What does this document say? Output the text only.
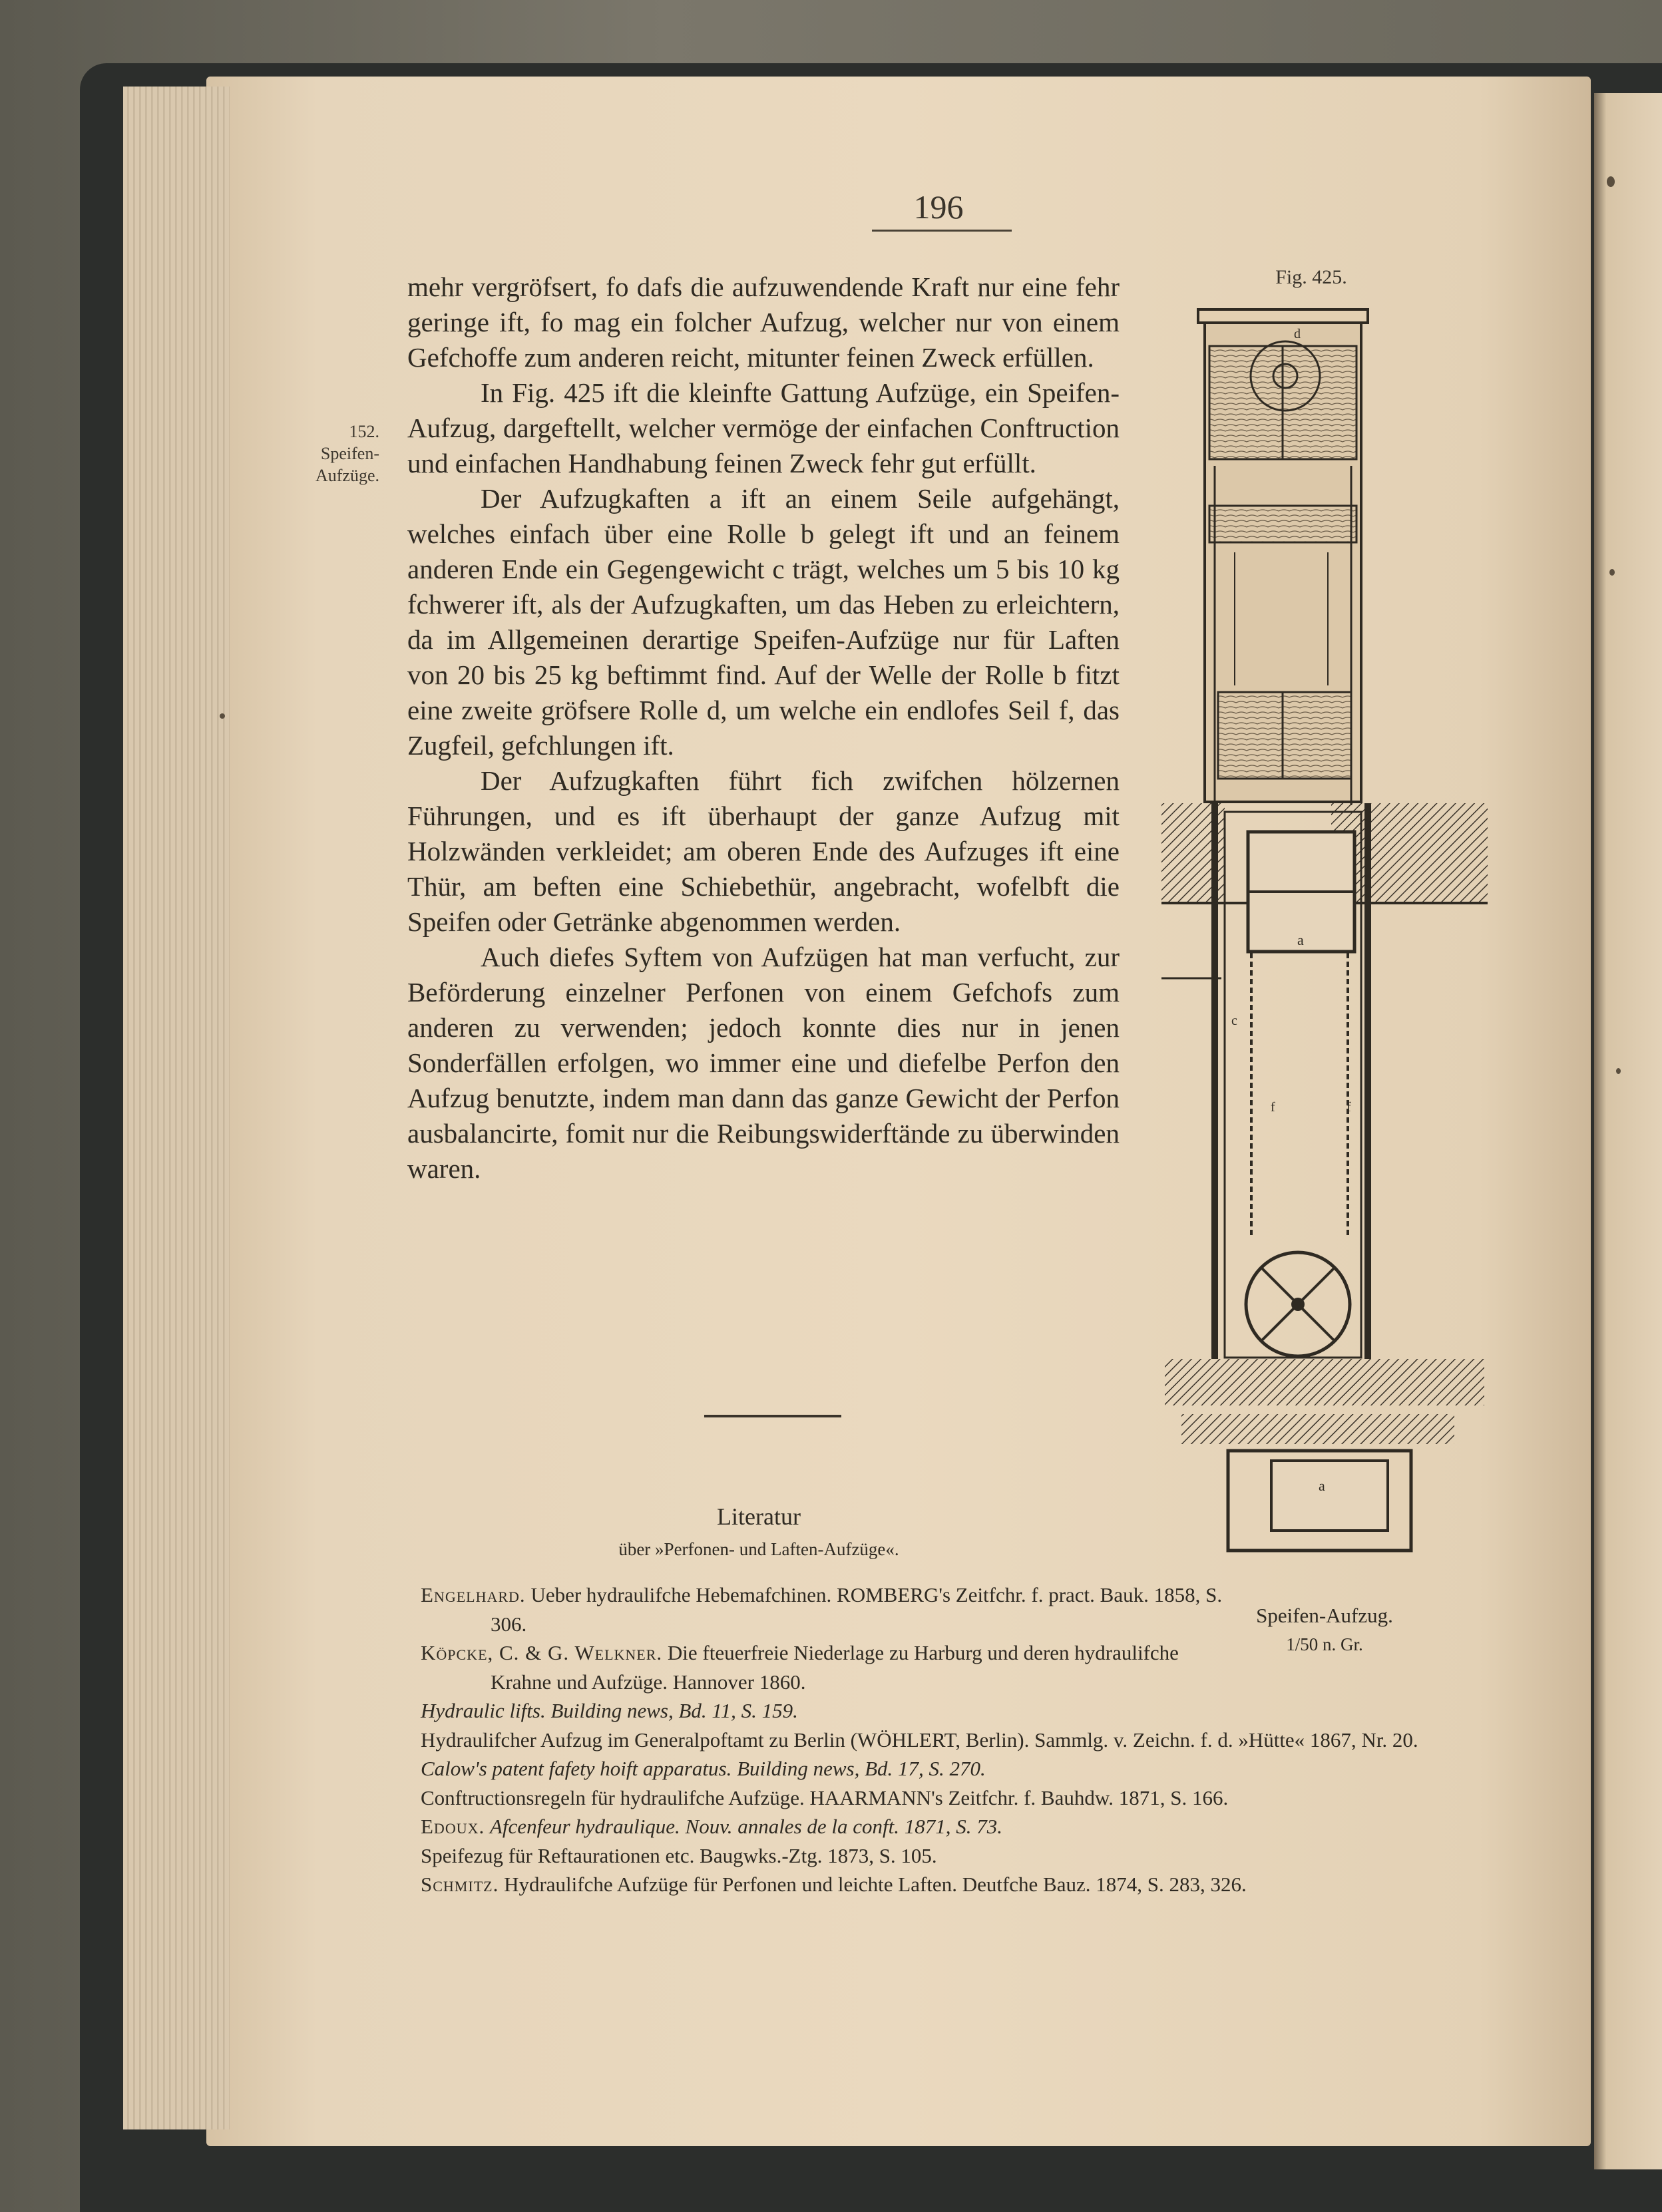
196
152.
Speifen-
Aufzüge.

mehr vergröfsert, fo dafs die aufzuwendende Kraft nur eine fehr geringe ift, fo mag ein folcher Aufzug, welcher nur von einem Gefchoffe zum anderen reicht, mitunter feinen Zweck erfüllen.

In Fig. 425 ift die kleinfte Gattung Aufzüge, ein Speifen-Aufzug, dargeftellt, welcher vermöge der einfachen Conftruction und einfachen Handhabung feinen Zweck fehr gut erfüllt.

Der Aufzugkaften a ift an einem Seile aufgehängt, welches einfach über eine Rolle b gelegt ift und an feinem anderen Ende ein Gegengewicht c trägt, welches um 5 bis 10 kg fchwerer ift, als der Aufzugkaften, um das Heben zu erleichtern, da im Allgemeinen derartige Speifen-Aufzüge nur für Laften von 20 bis 25 kg beftimmt find. Auf der Welle der Rolle b fitzt eine zweite gröfsere Rolle d, um welche ein endlofes Seil f, das Zugfeil, gefchlungen ift.

Der Aufzugkaften führt fich zwifchen hölzernen Führungen, und es ift überhaupt der ganze Aufzug mit Holzwänden verkleidet; am oberen Ende des Aufzuges ift eine Thür, am beften eine Schiebethür, angebracht, wofelbft die Speifen oder Getränke abgenommen werden.

Auch diefes Syftem von Aufzügen hat man verfucht, zur Beförderung einzelner Perfonen von einem Gefchofs zum anderen zu verwenden; jedoch konnte dies nur in jenen Sonderfällen erfolgen, wo immer eine und diefelbe Perfon den Aufzug benutzte, indem man dann das ganze Gewicht der Perfon ausbalancirte, fomit nur die Reibungswiderftände zu überwinden waren.

Literatur
über »Perfonen- und Laften-Aufzüge«.
Engelhard. Ueber hydraulifche Hebemafchinen. ROMBERG's Zeitfchr. f. pract. Bauk. 1858, S. 306.
Köpcke, C. & G. Welkner. Die fteuerfreie Niederlage zu Harburg und deren hydraulifche Krahne und Aufzüge. Hannover 1860.
Hydraulic lifts. Building news, Bd. 11, S. 159.
Hydraulifcher Aufzug im Generalpoftamt zu Berlin (WÖHLERT, Berlin). Sammlg. v. Zeichn. f. d. »Hütte« 1867, Nr. 20.
Calow's patent fafety hoift apparatus. Building news, Bd. 17, S. 270.
Conftructionsregeln für hydraulifche Aufzüge. HAARMANN's Zeitfchr. f. Bauhdw. 1871, S. 166.
Edoux. Afcenfeur hydraulique. Nouv. annales de la conft. 1871, S. 73.
Speifezug für Reftaurationen etc. Baugwks.-Ztg. 1873, S. 105.
Schmitz. Hydraulifche Aufzüge für Perfonen und leichte Laften. Deutfche Bauz. 1874, S. 283, 326.
Fig. 425.
d
a
c
f	f
a
Speifen-Aufzug.
1/50 n. Gr.
